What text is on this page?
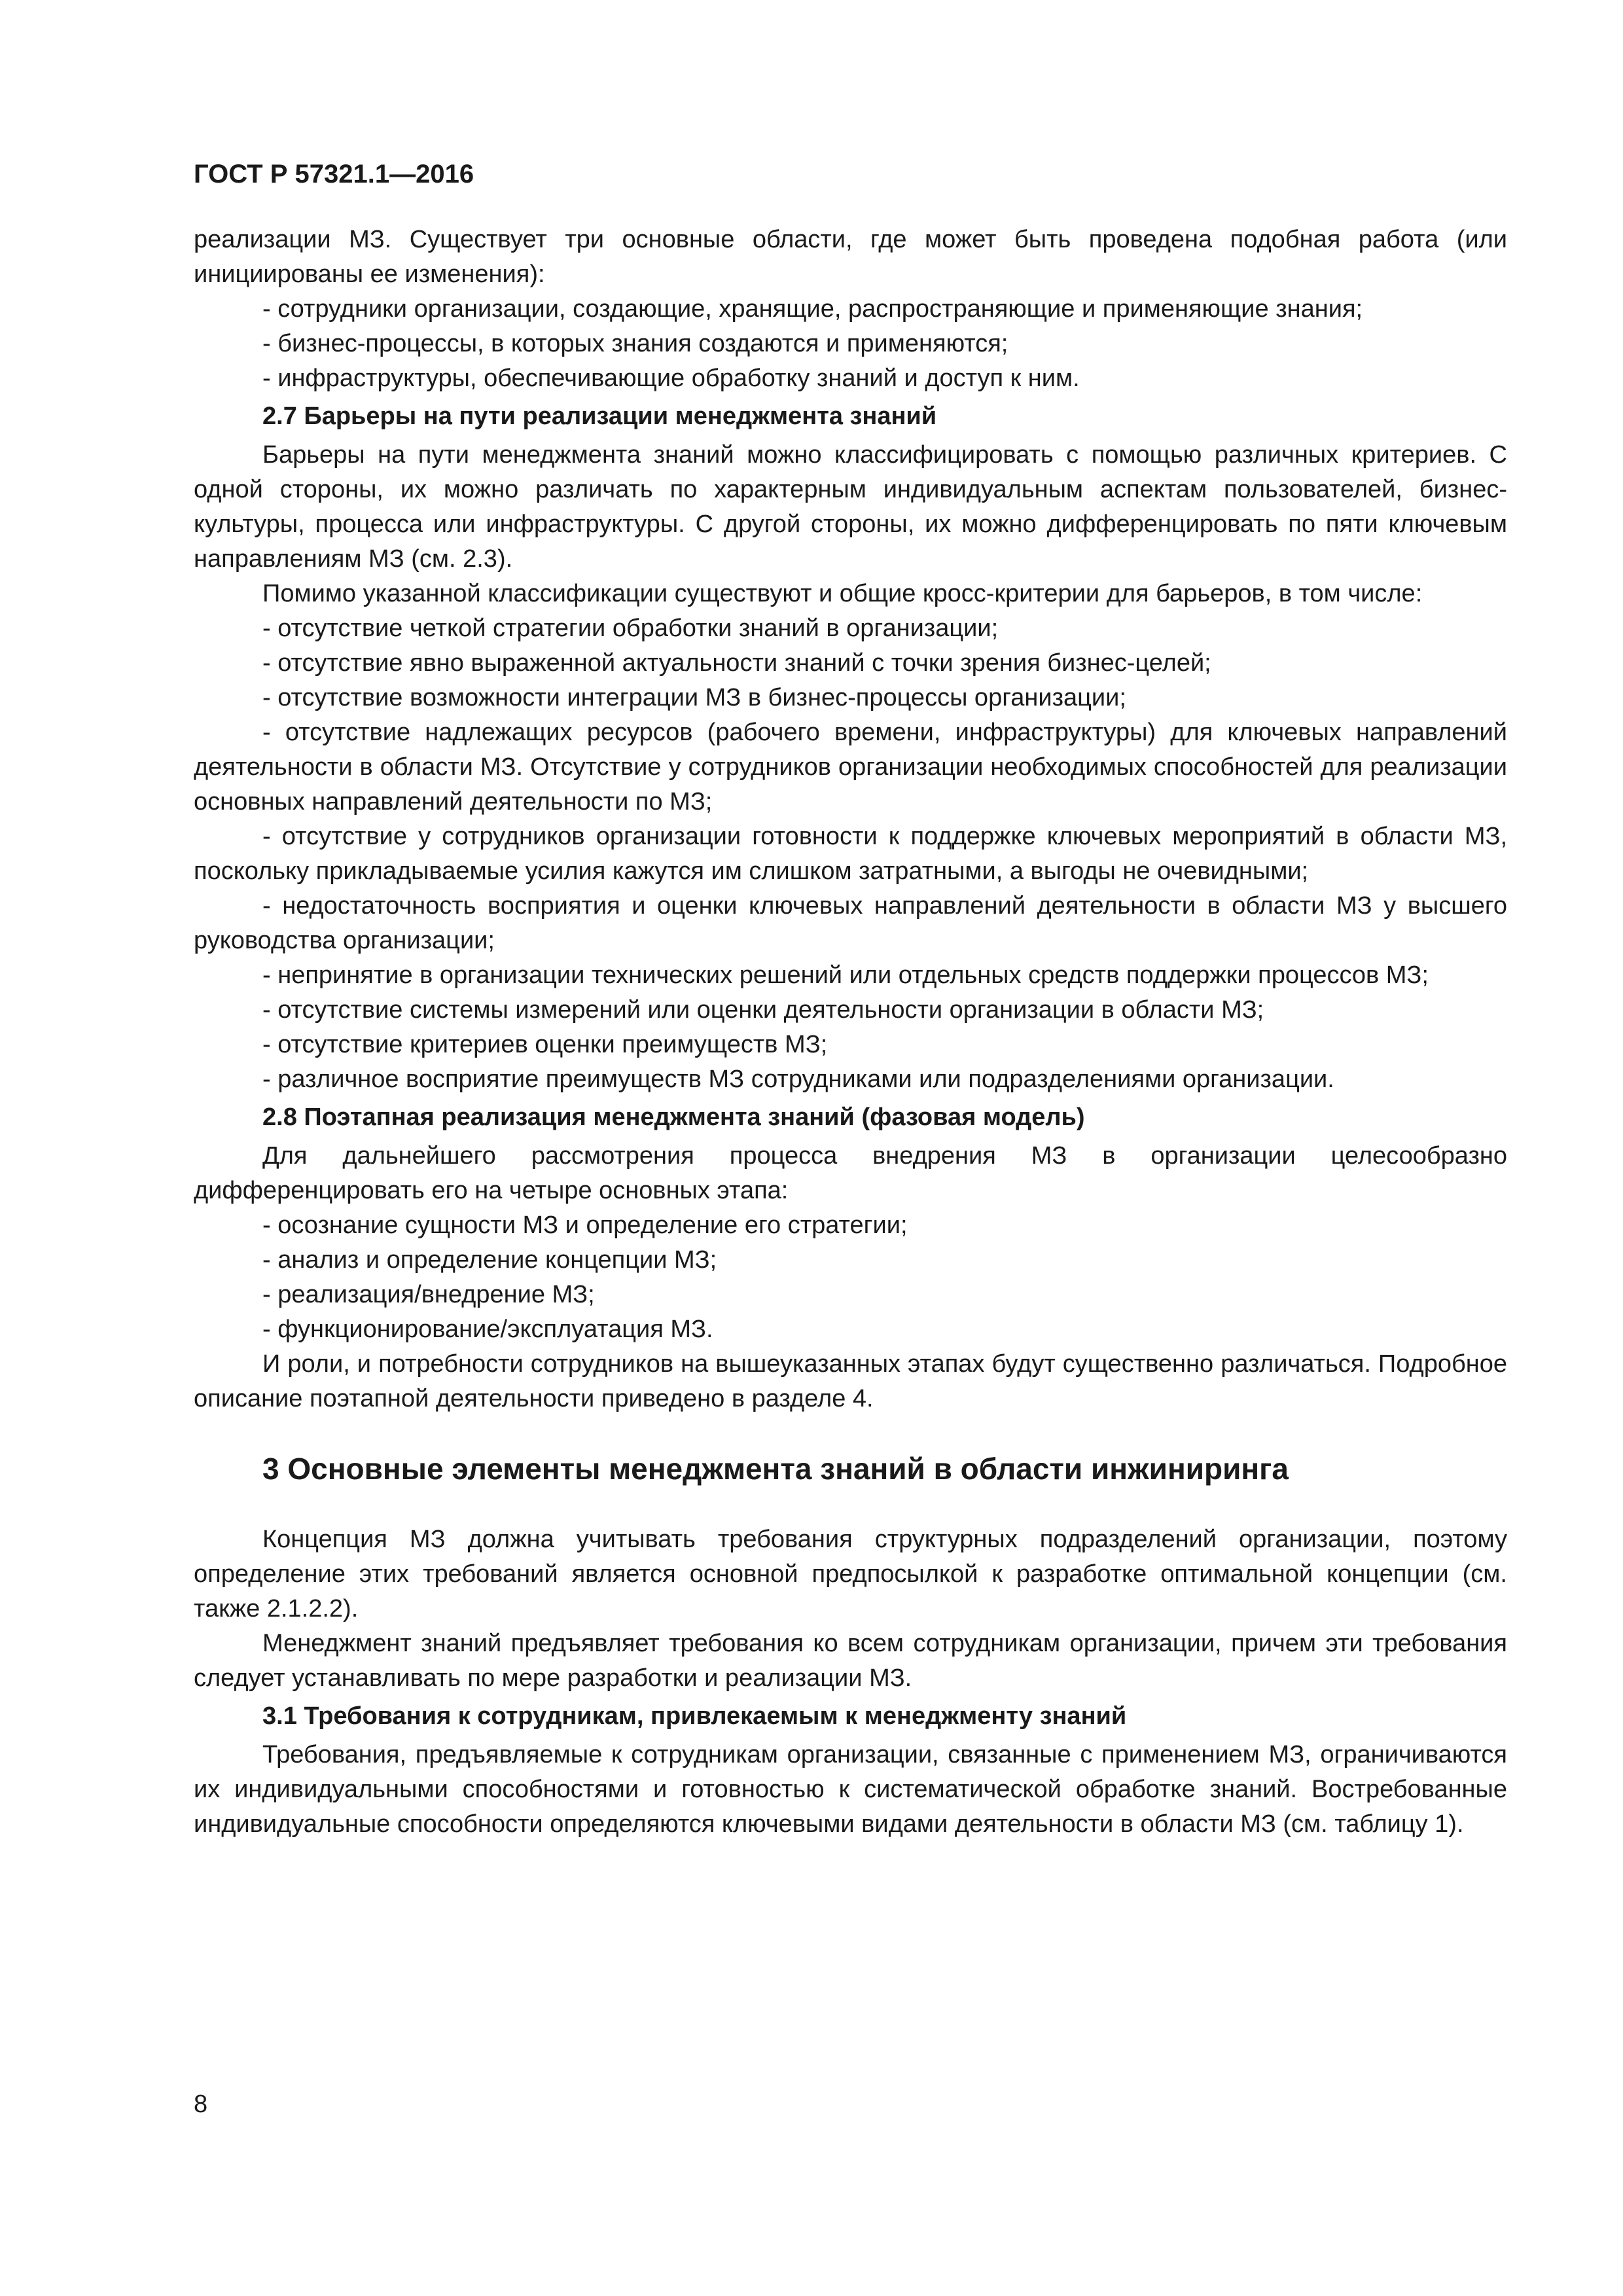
ГОСТ Р 57321.1—2016

реализации МЗ. Существует три основные области, где может быть проведена подобная работа (или инициированы ее изменения):

- сотрудники организации, создающие, хранящие, распространяющие и применяющие знания;

- бизнес-процессы, в которых знания создаются и применяются;

- инфраструктуры, обеспечивающие обработку знаний и доступ к ним.

2.7 Барьеры на пути реализации менеджмента знаний

Барьеры на пути менеджмента знаний можно классифицировать с помощью различных критериев. С одной стороны, их можно различать по характерным индивидуальным аспектам пользователей, бизнес-культуры, процесса или инфраструктуры. С другой стороны, их можно дифференцировать по пяти ключевым направлениям МЗ (см. 2.3).

Помимо указанной классификации существуют и общие кросс-критерии для барьеров, в том числе:

- отсутствие четкой стратегии обработки знаний в организации;

- отсутствие явно выраженной актуальности знаний с точки зрения бизнес-целей;

- отсутствие возможности интеграции МЗ в бизнес-процессы организации;

- отсутствие надлежащих ресурсов (рабочего времени, инфраструктуры) для ключевых направлений деятельности в области МЗ. Отсутствие у сотрудников организации необходимых способностей для реализации основных направлений деятельности по МЗ;

- отсутствие у сотрудников организации готовности к поддержке ключевых мероприятий в области МЗ, поскольку прикладываемые усилия кажутся им слишком затратными, а выгоды не очевидными;

- недостаточность восприятия и оценки ключевых направлений деятельности в области МЗ у высшего руководства организации;

- непринятие в организации технических решений или отдельных средств поддержки процессов МЗ;

- отсутствие системы измерений или оценки деятельности организации в области МЗ;

- отсутствие критериев оценки преимуществ МЗ;

- различное восприятие преимуществ МЗ сотрудниками или подразделениями организации.

2.8 Поэтапная реализация менеджмента знаний (фазовая модель)

Для дальнейшего рассмотрения процесса внедрения МЗ в организации целесообразно дифференцировать его на четыре основных этапа:

- осознание сущности МЗ и определение его стратегии;

- анализ и определение концепции МЗ;

- реализация/внедрение МЗ;

- функционирование/эксплуатация МЗ.

И роли, и потребности сотрудников на вышеуказанных этапах будут существенно различаться. Подробное описание поэтапной деятельности приведено в разделе 4.

3 Основные элементы менеджмента знаний в области инжиниринга

Концепция МЗ должна учитывать требования структурных подразделений организации, поэтому определение этих требований является основной предпосылкой к разработке оптимальной концепции (см. также 2.1.2.2).

Менеджмент знаний предъявляет требования ко всем сотрудникам организации, причем эти требования следует устанавливать по мере разработки и реализации МЗ.

3.1 Требования к сотрудникам, привлекаемым к менеджменту знаний

Требования, предъявляемые к сотрудникам организации, связанные с применением МЗ, ограничиваются их индивидуальными способностями и готовностью к систематической обработке знаний. Востребованные индивидуальные способности определяются ключевыми видами деятельности в области МЗ (см. таблицу 1).

8
